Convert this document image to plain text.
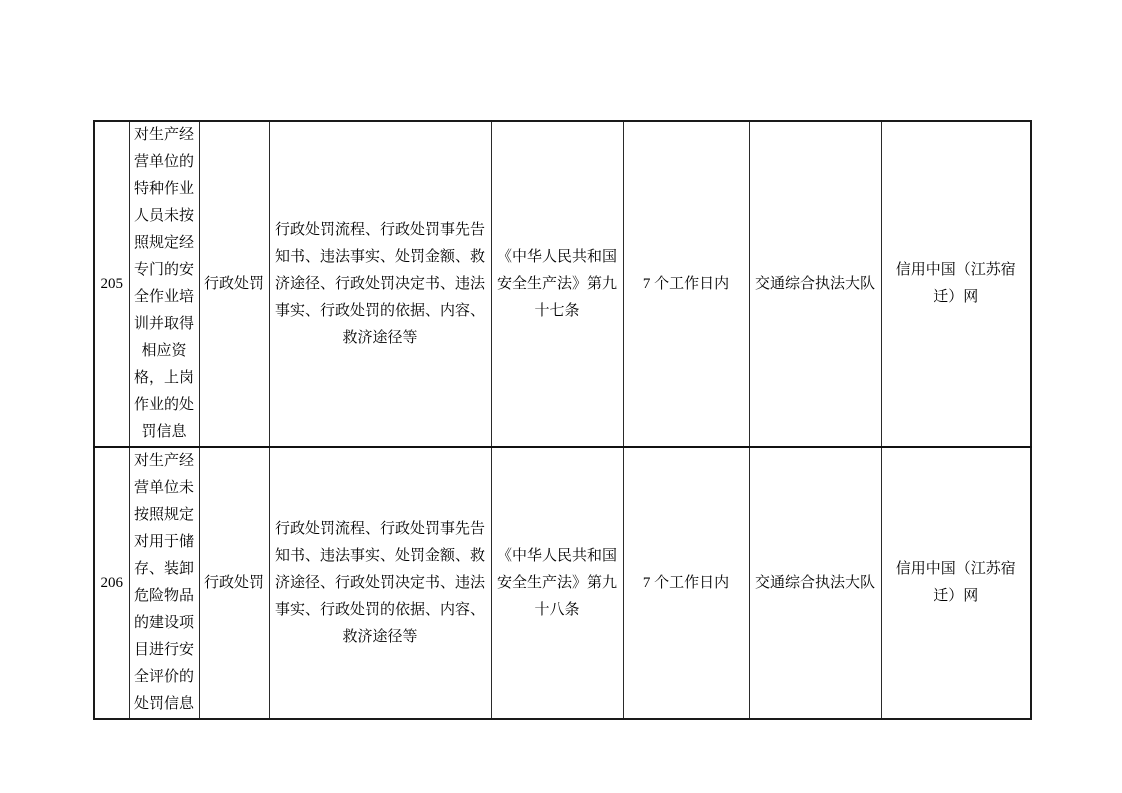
205	对生产经营单位的特种作业人员未按照规定经专门的安全作业培训并取得相应资格，上岗作业的处罚信息	行政处罚	行政处罚流程、行政处罚事先告知书、违法事实、处罚金额、救济途径、行政处罚决定书、违法事实、行政处罚的依据、内容、救济途径等	《中华人民共和国安全生产法》第九十七条	7 个工作日内	交通综合执法大队	信用中国（江苏宿迁）网
206	对生产经营单位未按照规定对用于储存、装卸危险物品的建设项目进行安全评价的处罚信息	行政处罚	行政处罚流程、行政处罚事先告知书、违法事实、处罚金额、救济途径、行政处罚决定书、违法事实、行政处罚的依据、内容、救济途径等	《中华人民共和国安全生产法》第九十八条	7 个工作日内	交通综合执法大队	信用中国（江苏宿迁）网
